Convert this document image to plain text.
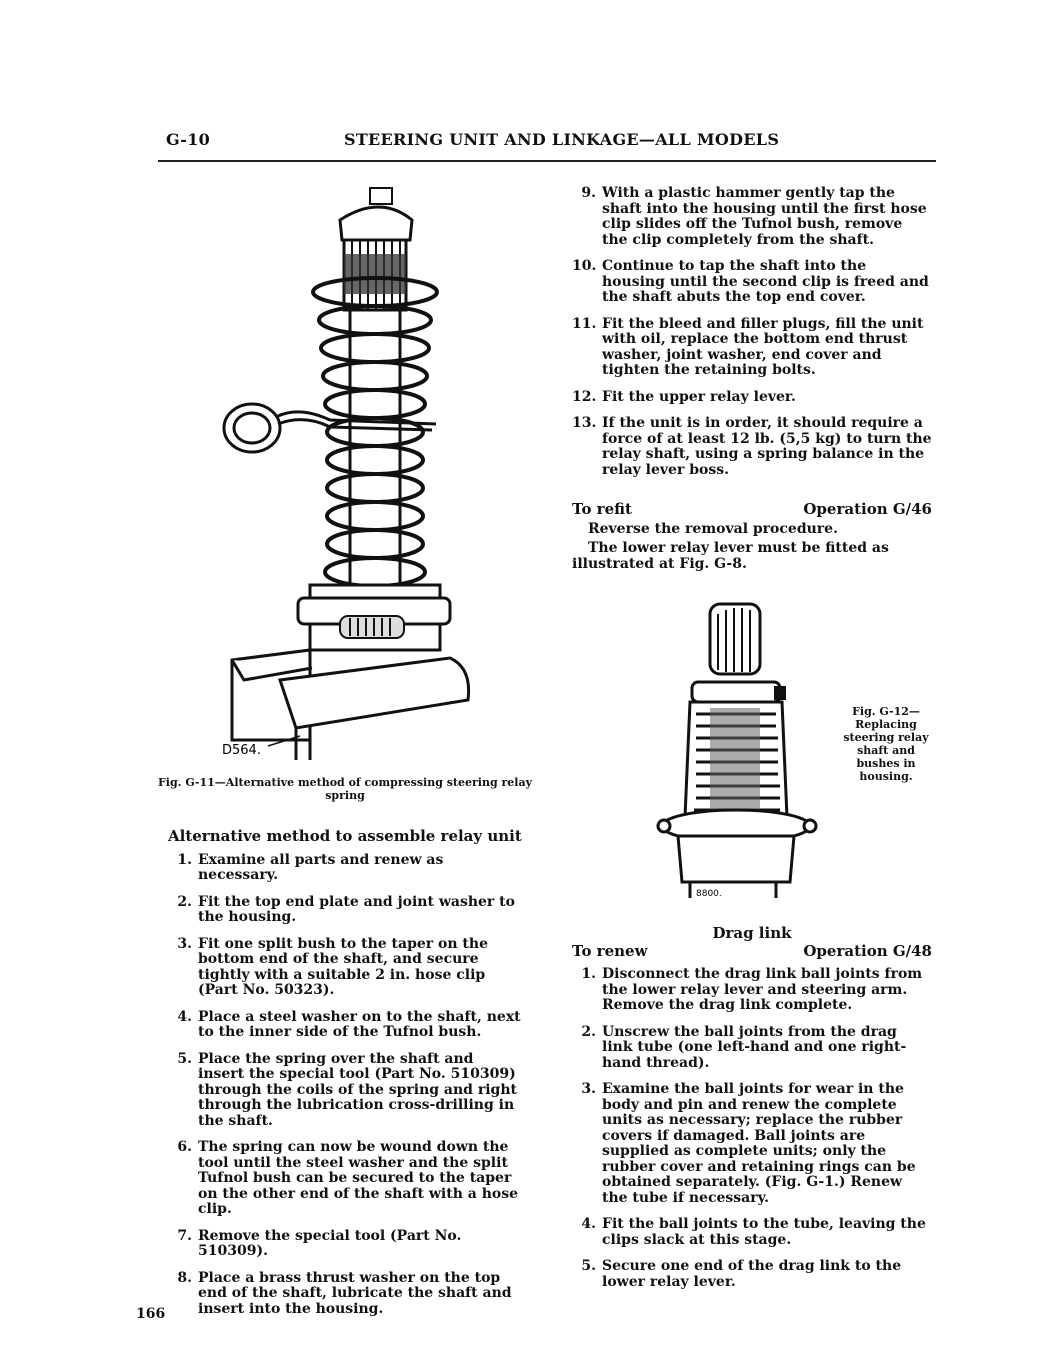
G-10	STEERING UNIT AND LINKAGE—ALL MODELS
D564.
Fig. G-11—Alternative method of compressing steering relay spring
Alternative method to assemble relay unit
1. Examine all parts and renew as necessary.
2. Fit the top end plate and joint washer to the housing.
3. Fit one split bush to the taper on the bottom end of the shaft, and secure tightly with a suitable 2 in. hose clip (Part No. 50323).
4. Place a steel washer on to the shaft, next to the inner side of the Tufnol bush.
5. Place the spring over the shaft and insert the special tool (Part No. 510309) through the coils of the spring and right through the lubrication cross-drilling in the shaft.
6. The spring can now be wound down the tool until the steel washer and the split Tufnol bush can be secured to the taper on the other end of the shaft with a hose clip.
7. Remove the special tool (Part No. 510309).
8. Place a brass thrust washer on the top end of the shaft, lubricate the shaft and insert into the housing.
9. With a plastic hammer gently tap the shaft into the housing until the first hose clip slides off the Tufnol bush, remove the clip completely from the shaft.
10. Continue to tap the shaft into the housing until the second clip is freed and the shaft abuts the top end cover.
11. Fit the bleed and filler plugs, fill the unit with oil, replace the bottom end thrust washer, joint washer, end cover and tighten the retaining bolts.
12. Fit the upper relay lever.
13. If the unit is in order, it should require a force of at least 12 lb. (5,5 kg) to turn the relay shaft, using a spring balance in the relay lever boss.
To refit	Operation G/46
Reverse the removal procedure.
The lower relay lever must be fitted as illustrated at Fig. G-8.
8800.
Fig. G-12—
Replacing
steering relay
shaft and
bushes in
housing.
Drag link
To renew	Operation G/48
1. Disconnect the drag link ball joints from the lower relay lever and steering arm. Remove the drag link complete.
2. Unscrew the ball joints from the drag link tube (one left-hand and one right-hand thread).
3. Examine the ball joints for wear in the body and pin and renew the complete units as necessary; replace the rubber covers if damaged. Ball joints are supplied as complete units; only the rubber cover and retaining rings can be obtained separately. (Fig. G-1.) Renew the tube if necessary.
4. Fit the ball joints to the tube, leaving the clips slack at this stage.
5. Secure one end of the drag link to the lower relay lever.
166
